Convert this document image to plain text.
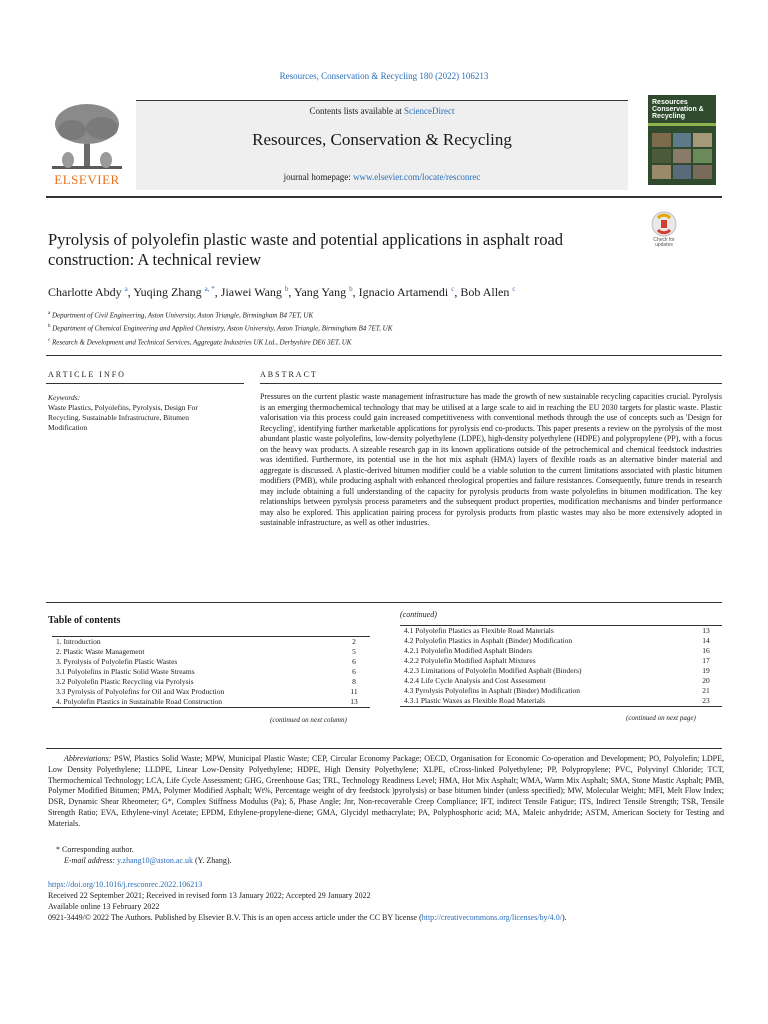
Resources, Conservation & Recycling 180 (2022) 106213
ELSEVIER
Contents lists available at ScienceDirect
Resources, Conservation & Recycling
journal homepage: www.elsevier.com/locate/resconrec
Resources Conservation & Recycling
Pyrolysis of polyolefin plastic waste and potential applications in asphalt road construction: A technical review
Check for updates
Charlotte Abdy $^a$, Yuqing Zhang $^{a, *}$, Jiawei Wang $^b$, Yang Yang $^b$, Ignacio Artamendi $^c$, Bob Allen $^c$
$^a$ Department of Civil Engineering, Aston University, Aston Triangle, Birmingham B4 7ET, UK
$^b$ Department of Chemical Engineering and Applied Chemistry, Aston University, Aston Triangle, Birmingham B4 7ET, UK
$^c$ Research & Development and Technical Services, Aggregate Industries UK Ltd., Derbyshire DE6 3ET, UK
ARTICLE INFO	ABSTRACT
Keywords:
Waste Plastics, Polyolefins, Pyrolysis, Design For Recycling, Sustainable Infrastructure, Bitumen Modification

Pressures on the current plastic waste management infrastructure has made the growth of new sustainable recycling capacities crucial. Pyrolysis is an emerging thermochemical technology that may be utilised at a large scale to aid in reaching the EU 2030 targets for plastic waste. Plastic valorisation via this process could gain increased competitiveness with conventional methods through the use of concepts such as 'Design for Recycling', identifying further marketable applications for pyrolysis end co-products. This paper presents a review on the pyrolysis of the most abundant plastic waste polyolefins, low-density polyethylene (LDPE), high-density polyethylene (HDPE) and polypropylene (PP), with a focus on the heavy wax products. A sizeable research gap in its known applications outside of the petrochemical and chemical feedstock industries was identified. Furthermore, its potential use in the hot mix asphalt (HMA) layers of flexible roads as an alternative binder material and aggregate is discussed. A plastic-derived bitumen modifier could be a viable solution to the current limitations associated with plastic bitumen modifiers (PMB), while producing asphalt with enhanced rheological properties and failure resistances. Consequently, future trends in research may include obtaining a full understanding of the capacity for pyrolysis products from waste polyolefins in bitumen modification. The key relationships between pyrolysis process parameters and the subsequent product properties, modification mechanisms and binder performance may also be explored. This application pairing process for pyrolysis products from plastic wastes may also be more extensively adopted in sustainable infrastructure, as well as other industries.

Table of contents
(continued)
1. Introduction	2
2. Plastic Waste Management	5
3. Pyrolysis of Polyolefin Plastic Wastes	6
3.1 Polyolefins in Plastic Solid Waste Streams	6
3.2 Polyolefin Plastic Recycling via Pyrolysis	8
3.3 Pyrolysis of Polyolefins for Oil and Wax Production	11
4. Polyolefin Plastics in Sustainable Road Construction	13
(continued on next column)
4.1 Polyolefin Plastics as Flexible Road Materials	13
4.2 Polyolefin Plastics in Asphalt (Binder) Modification	14
4.2.1 Polyolefin Modified Asphalt Binders	16
4.2.2 Polyolefin Modified Asphalt Mixtures	17
4.2.3 Limitations of Polyolefin Modified Asphalt (Binders)	19
4.2.4 Life Cycle Analysis and Cost Assessment	20
4.3 Pyrolysis Polyolefins in Asphalt (Binder) Modification	21
4.3.1 Plastic Waxes as Flexible Road Materials	23
(continued on next page)

Abbreviations: PSW, Plastics Solid Waste; MPW, Municipal Plastic Waste; CEP, Circular Economy Package; OECD, Organisation for Economic Co-operation and Development; PO, Polyolefin; LDPE, Low Density Polyethylene; LLDPE, Linear Low-Density Polyethylene; HDPE, High Density Polyethylene; XLPE, cCross-linked Polyethylene; PP, Polypropylene; PVC, Polyvinyl Chloride; TCT, Thermochemical Technology; LCA, Life Cycle Assessment; GHG, Greenhouse Gas; TRL, Technology Readiness Level; HMA, Hot Mix Asphalt; WMA, Warm Mix Asphalt; SMA, Stone Mastic Asphalt; PMB, Polymer Modified Bitumen; PMA, Polymer Modified Asphalt; Wt%, Percentage weight of dry feedstock )pyrolysis) or base bitumen binder (unless specified); MW, Molecular Weight; MFI, Melt Flow Index; DSR, Dynamic Shear Rheometer; G*, Complex Stiffness Modulus (Pa); δ, Phase Angle; Jnr, Non-recoverable Creep Compliance; IFT, indirect Tensile Fatigue; ITS, Indirect Tensile Strength; TSR, Tensile Strength Ratio; EVA, Ethylene-vinyl Acetate; EPDM, Ethylene-propylene-diene; GMA, Glycidyl methacrylate; PA, Polyphosphoric acid; MA, Maleic anhydride; ASTM, American Society for Testing and Materials.

* Corresponding author.
E-mail address: y.zhang10@aston.ac.uk (Y. Zhang).
https://doi.org/10.1016/j.resconrec.2022.106213
Received 22 September 2021; Received in revised form 13 January 2022; Accepted 29 January 2022
Available online 13 February 2022
0921-3449/© 2022 The Authors. Published by Elsevier B.V. This is an open access article under the CC BY license (http://creativecommons.org/licenses/by/4.0/).
